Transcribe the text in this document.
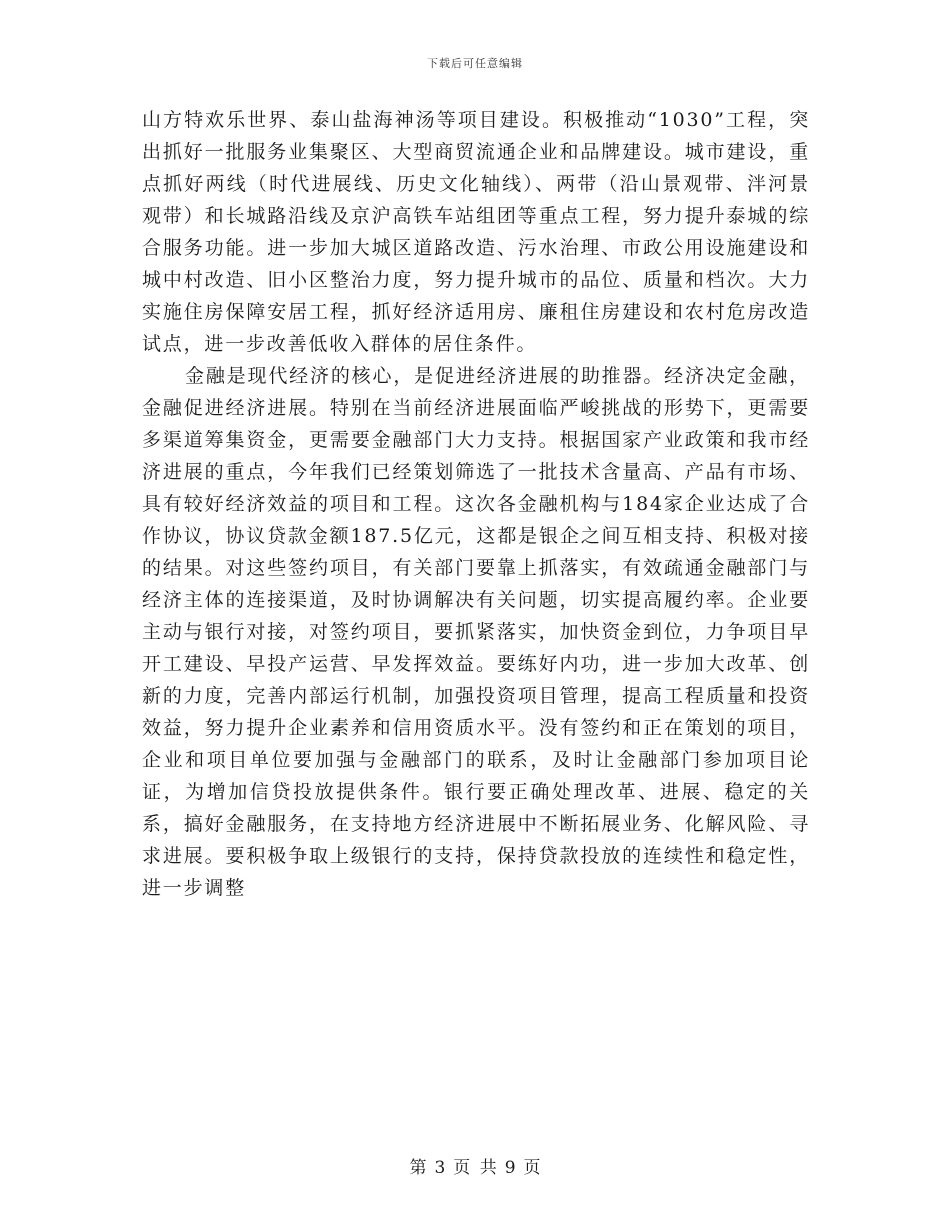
下载后可任意编辑

山方特欢乐世界、泰山盐海神汤等项目建设。积极推动“1030”工程，突出抓好一批服务业集聚区、大型商贸流通企业和品牌建设。城市建设，重点抓好两线（时代进展线、历史文化轴线）、两带（沿山景观带、泮河景观带）和长城路沿线及京沪高铁车站组团等重点工程，努力提升泰城的综合服务功能。进一步加大城区道路改造、污水治理、市政公用设施建设和城中村改造、旧小区整治力度，努力提升城市的品位、质量和档次。大力实施住房保障安居工程，抓好经济适用房、廉租住房建设和农村危房改造试点，进一步改善低收入群体的居住条件。

金融是现代经济的核心，是促进经济进展的助推器。经济决定金融，金融促进经济进展。特别在当前经济进展面临严峻挑战的形势下，更需要多渠道筹集资金，更需要金融部门大力支持。根据国家产业政策和我市经济进展的重点，今年我们已经策划筛选了一批技术含量高、产品有市场、具有较好经济效益的项目和工程。这次各金融机构与184家企业达成了合作协议，协议贷款金额187.5亿元，这都是银企之间互相支持、积极对接的结果。对这些签约项目，有关部门要靠上抓落实，有效疏通金融部门与经济主体的连接渠道，及时协调解决有关问题，切实提高履约率。企业要主动与银行对接，对签约项目，要抓紧落实，加快资金到位，力争项目早开工建设、早投产运营、早发挥效益。要练好内功，进一步加大改革、创新的力度，完善内部运行机制，加强投资项目管理，提高工程质量和投资效益，努力提升企业素养和信用资质水平。没有签约和正在策划的项目，企业和项目单位要加强与金融部门的联系，及时让金融部门参加项目论证，为增加信贷投放提供条件。银行要正确处理改革、进展、稳定的关系，搞好金融服务，在支持地方经济进展中不断拓展业务、化解风险、寻求进展。要积极争取上级银行的支持，保持贷款投放的连续性和稳定性，进一步调整

第 3 页 共 9 页
